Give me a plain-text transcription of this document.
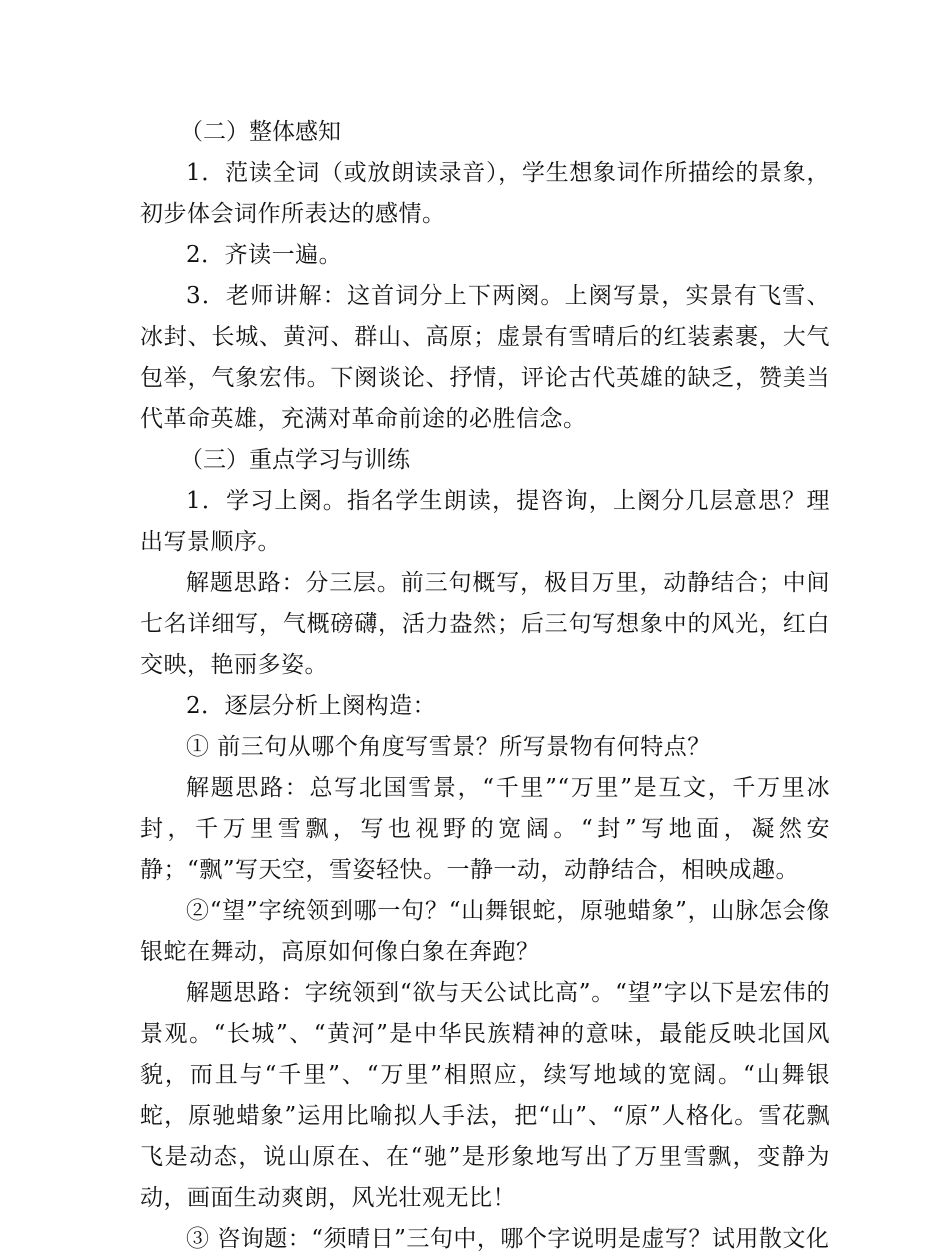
（二）整体感知

1．范读全词（或放朗读录音），学生想象词作所描绘的景象，初步体会词作所表达的感情。

2．齐读一遍。

3．老师讲解：这首词分上下两阕。上阕写景，实景有飞雪、冰封、长城、黄河、群山、高原；虚景有雪晴后的红装素裹，大气包举，气象宏伟。下阕谈论、抒情，评论古代英雄的缺乏，赞美当代革命英雄，充满对革命前途的必胜信念。

（三）重点学习与训练

1．学习上阕。指名学生朗读，提咨询，上阕分几层意思？理出写景顺序。

解题思路：分三层。前三句概写，极目万里，动静结合；中间七名详细写，气概磅礴，活力盎然；后三句写想象中的风光，红白交映，艳丽多姿。

2．逐层分析上阕构造：

① 前三句从哪个角度写雪景？所写景物有何特点？

解题思路：总写北国雪景，“千里”“万里”是互文，千万里冰封，千万里雪飘，写也视野的宽阔。“封”写地面，凝然安静；“飘”写天空，雪姿轻快。一静一动，动静结合，相映成趣。

②“望”字统领到哪一句？“山舞银蛇，原驰蜡象”，山脉怎会像银蛇在舞动，高原如何像白象在奔跑？

解题思路：字统领到“欲与天公试比高”。“望”字以下是宏伟的景观。“长城”、“黄河”是中华民族精神的意味，最能反映北国风貌，而且与“千里”、“万里”相照应，续写地域的宽阔。“山舞银蛇，原驰蜡象”运用比喻拟人手法，把“山”、“原”人格化。雪花飘飞是动态，说山原在、在“驰”是形象地写出了万里雪飘，变静为动，画面生动爽朗，风光壮观无比！

③ 咨询题：“须晴日”三句中，哪个字说明是虚写？试用散文化
